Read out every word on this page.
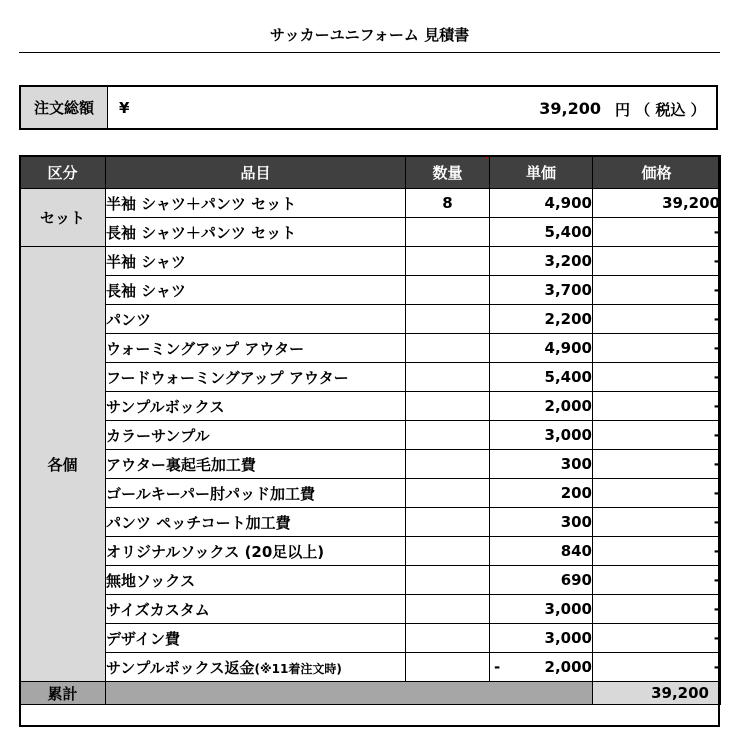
サッカーユニフォーム 見積書
注文総額	¥	39,200 円 （ 税込 ）
区分	品目	数量	単価	価格
セット	半袖 シャツ＋パンツ セット	8	4,900	39,200
	長袖 シャツ＋パンツ セット		5,400	-
各個	半袖 シャツ		3,200	-
	長袖 シャツ		3,700	-
	パンツ		2,200	-
	ウォーミングアップ アウター		4,900	-
	フードウォーミングアップ アウター		5,400	-
	サンプルボックス		2,000	-
	カラーサンプル		3,000	-
	アウター裏起毛加工費		300	-
	ゴールキーパー肘パッド加工費		200	-
	パンツ ペッチコート加工費		300	-
	オリジナルソックス (20足以上)		840	-
	無地ソックス		690	-
	サイズカスタム		3,000	-
	デザイン費		3,000	-
	サンプルボックス返金(※11着注文時)		- 2,000	-
累計				39,200
